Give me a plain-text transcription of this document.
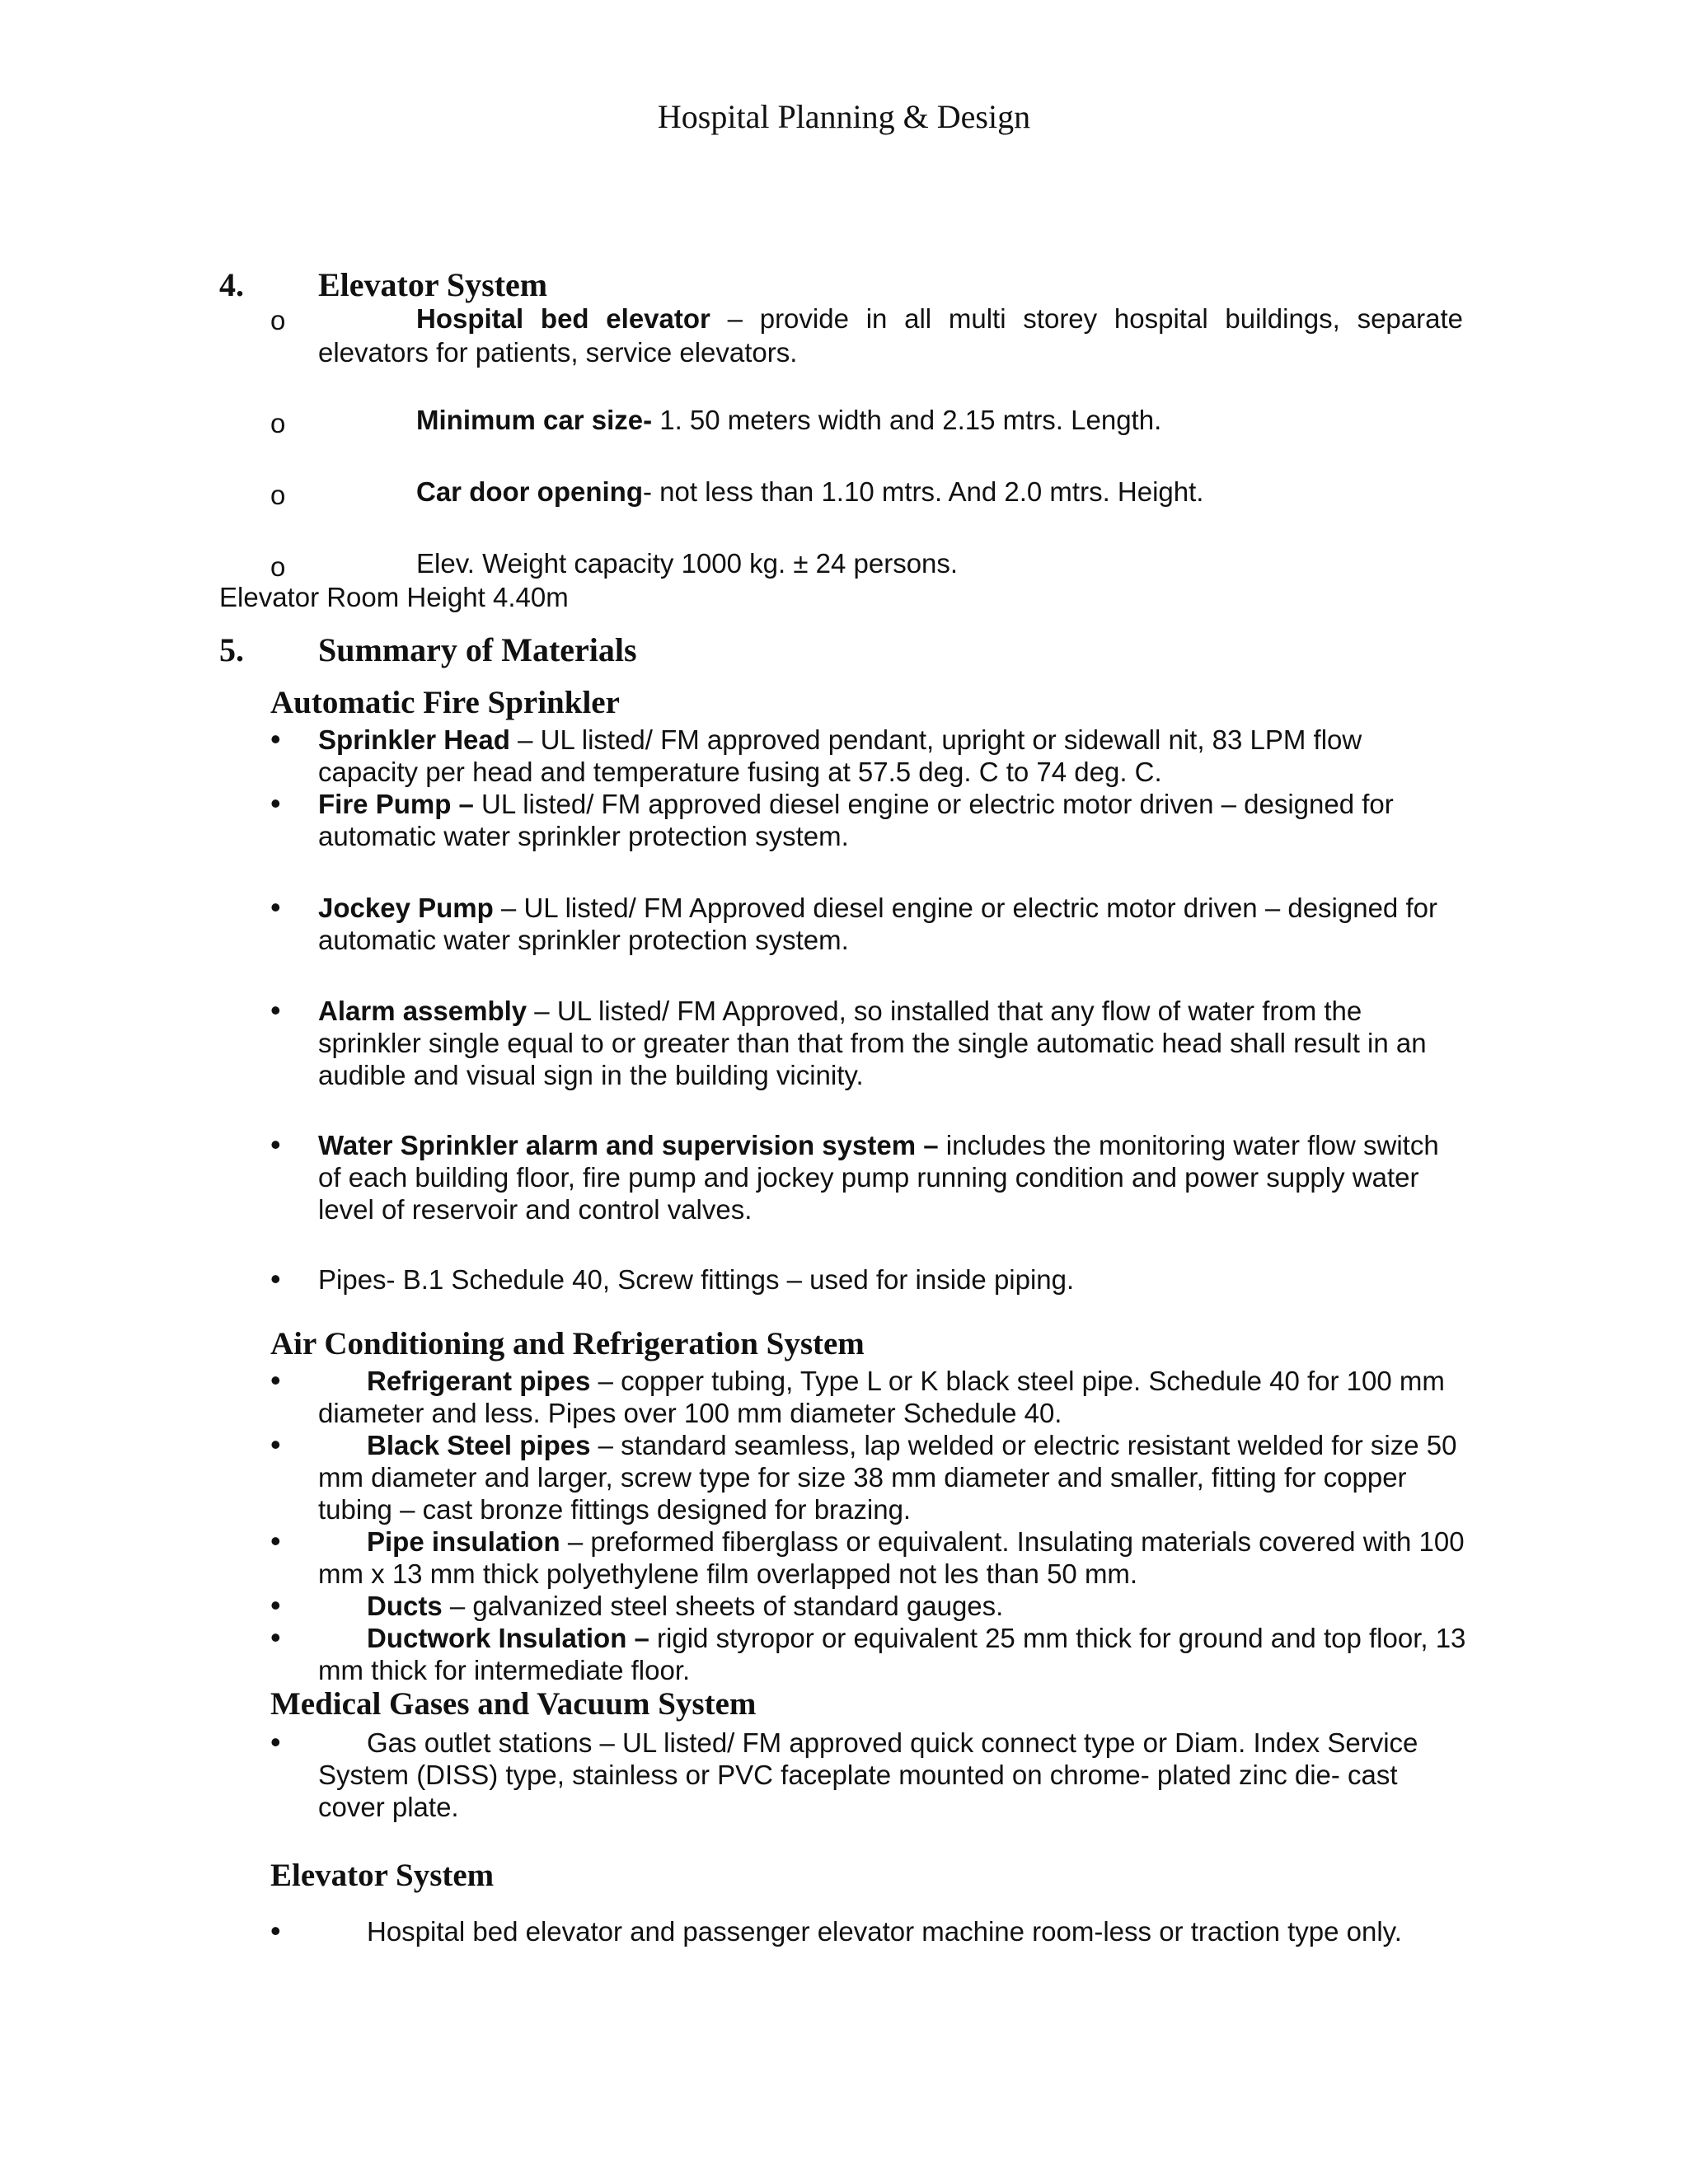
Hospital Planning & Design
4. Elevator System
o	Hospital bed elevator – provide in all multi storey hospital buildings, separate
elevators for patients, service elevators.
o	Minimum car size- 1. 50 meters width and 2.15 mtrs. Length.
o	Car door opening- not less than 1.10 mtrs. And 2.0 mtrs. Height.
o	Elev. Weight capacity 1000 kg. ± 24 persons.
Elevator Room Height 4.40m
5. Summary of Materials
Automatic Fire Sprinkler
• Sprinkler Head – UL listed/ FM approved pendant, upright or sidewall nit, 83 LPM flow
capacity per head and temperature fusing at 57.5 deg. C to 74 deg. C.
• Fire Pump – UL listed/ FM approved diesel engine or electric motor driven – designed for
automatic water sprinkler protection system.
• Jockey Pump – UL listed/ FM Approved diesel engine or electric motor driven – designed for
automatic water sprinkler protection system.
• Alarm assembly – UL listed/ FM Approved, so installed that any flow of water from the
sprinkler single equal to or greater than that from the single automatic head shall result in an
audible and visual sign in the building vicinity.
• Water Sprinkler alarm and supervision system – includes the monitoring water flow switch
of each building floor, fire pump and jockey pump running condition and power supply water
level of reservoir and control valves.
• Pipes- B.1 Schedule 40, Screw fittings – used for inside piping.
Air Conditioning and Refrigeration System
•	Refrigerant pipes – copper tubing, Type L or K black steel pipe. Schedule 40 for 100 mm
diameter and less. Pipes over 100 mm diameter Schedule 40.
•	Black Steel pipes – standard seamless, lap welded or electric resistant welded for size 50
mm diameter and larger, screw type for size 38 mm diameter and smaller, fitting for copper
tubing – cast bronze fittings designed for brazing.
•	Pipe insulation – preformed fiberglass or equivalent. Insulating materials covered with 100
mm x 13 mm thick polyethylene film overlapped not les than 50 mm.
•	Ducts – galvanized steel sheets of standard gauges.
•	Ductwork Insulation – rigid styropor or equivalent 25 mm thick for ground and top floor, 13
mm thick for intermediate floor.
Medical Gases and Vacuum System
•	Gas outlet stations – UL listed/ FM approved quick connect type or Diam. Index Service
System (DISS) type, stainless or PVC faceplate mounted on chrome- plated zinc die- cast
cover plate.
Elevator System
•	Hospital bed elevator and passenger elevator machine room-less or traction type only.
